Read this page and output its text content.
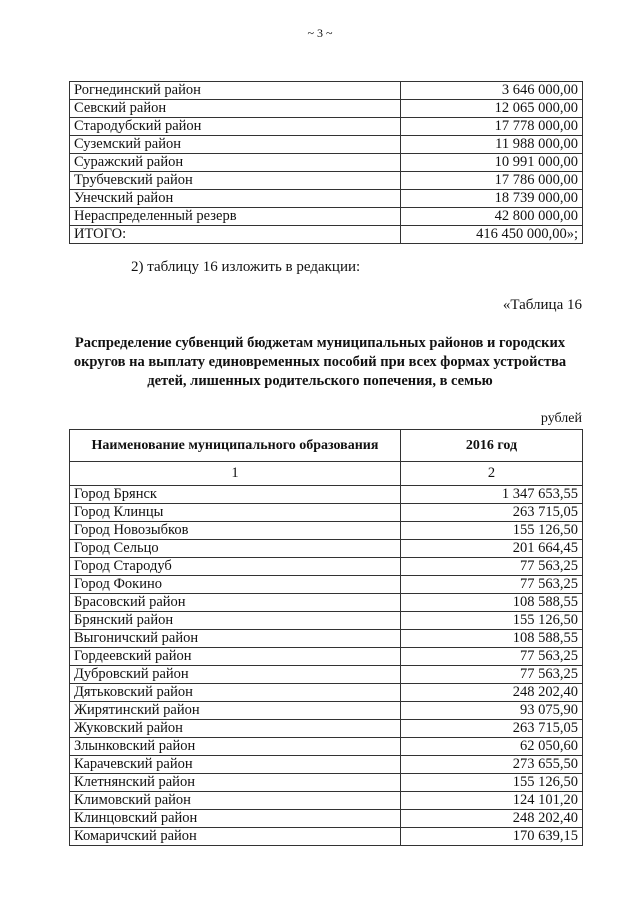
~ 3 ~
Рогнединский район	3 646 000,00
Севский район	12 065 000,00
Стародубский район	17 778 000,00
Суземский район	11 988 000,00
Суражский район	10 991 000,00
Трубчевский район	17 786 000,00
Унечский район	18 739 000,00
Нераспределенный резерв	42 800 000,00
ИТОГО:	416 450 000,00»;
2) таблицу 16 изложить в редакции:
«Таблица 16
Распределение субвенций бюджетам муниципальных районов и городских округов на выплату единовременных пособий при всех формах устройства детей, лишенных родительского попечения, в семью
рублей
Наименование муниципального образования	2016 год
1	2
Город Брянск	1 347 653,55
Город Клинцы	263 715,05
Город Новозыбков	155 126,50
Город Сельцо	201 664,45
Город Стародуб	77 563,25
Город Фокино	77 563,25
Брасовский район	108 588,55
Брянский район	155 126,50
Выгоничский район	108 588,55
Гордеевский район	77 563,25
Дубровский район	77 563,25
Дятьковский район	248 202,40
Жирятинский район	93 075,90
Жуковский район	263 715,05
Злынковский район	62 050,60
Карачевский район	273 655,50
Клетнянский район	155 126,50
Климовский район	124 101,20
Клинцовский район	248 202,40
Комаричский район	170 639,15
